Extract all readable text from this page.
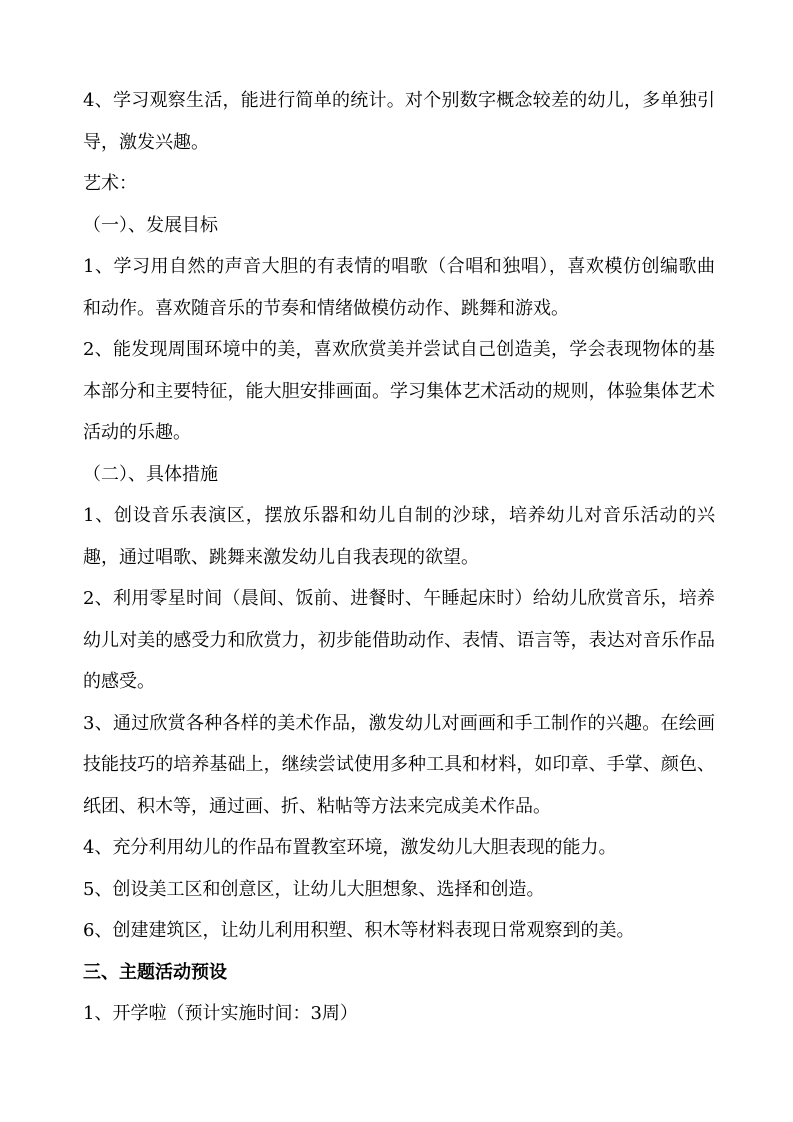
4、学习观察生活，能进行简单的统计。对个别数字概念较差的幼儿，多单独引导，激发兴趣。

艺术：

（一）、发展目标

1、学习用自然的声音大胆的有表情的唱歌（合唱和独唱），喜欢模仿创编歌曲和动作。喜欢随音乐的节奏和情绪做模仿动作、跳舞和游戏。

2、能发现周围环境中的美，喜欢欣赏美并尝试自己创造美，学会表现物体的基本部分和主要特征，能大胆安排画面。学习集体艺术活动的规则，体验集体艺术活动的乐趣。

（二）、具体措施

1、创设音乐表演区，摆放乐器和幼儿自制的沙球，培养幼儿对音乐活动的兴趣，通过唱歌、跳舞来激发幼儿自我表现的欲望。

2、利用零星时间（晨间、饭前、进餐时、午睡起床时）给幼儿欣赏音乐，培养幼儿对美的感受力和欣赏力，初步能借助动作、表情、语言等，表达对音乐作品的感受。

3、通过欣赏各种各样的美术作品，激发幼儿对画画和手工制作的兴趣。在绘画技能技巧的培养基础上，继续尝试使用多种工具和材料，如印章、手掌、颜色、纸团、积木等，通过画、折、粘帖等方法来完成美术作品。

4、充分利用幼儿的作品布置教室环境，激发幼儿大胆表现的能力。

5、创设美工区和创意区，让幼儿大胆想象、选择和创造。

6、创建建筑区，让幼儿利用积塑、积木等材料表现日常观察到的美。

三、主题活动预设

1、开学啦（预计实施时间：3周）
